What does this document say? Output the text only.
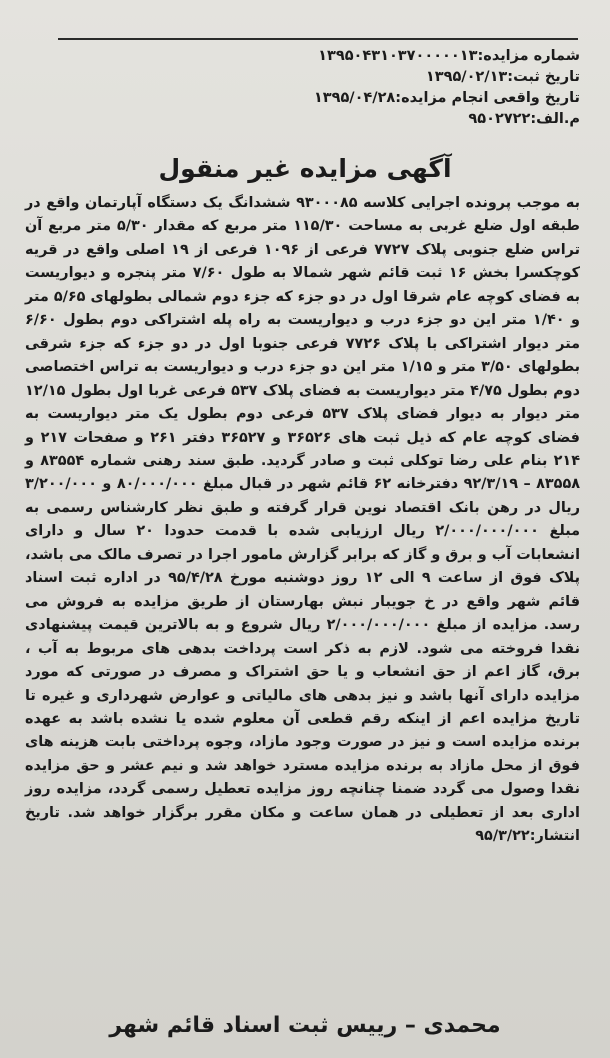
شماره مزایده:۱۳۹۵۰۴۳۱۰۳۷۰۰۰۰۰۱۳
تاریخ ثبت:۱۳۹۵/۰۲/۱۳
تاریخ واقعی انجام مزایده:۱۳۹۵/۰۴/۲۸
م.الف:۹۵۰۲۷۲۲
آگهی مزایده غیر منقول

به موجب پرونده اجرایی کلاسه ۹۳۰۰۰۸۵ ششدانگ یک دستگاه آپارتمان واقع در طبقه اول ضلع غربی به مساحت ۱۱۵/۳۰ متر مربع که مقدار ۵/۳۰ متر مربع آن تراس ضلع جنوبی پلاک ۷۷۲۷ فرعی از ۱۰۹۶ فرعی از ۱۹ اصلی واقع در قریه کوچکسرا بخش ۱۶ ثبت قائم شهر شمالا به طول ۷/۶۰ متر پنجره و دیواریست به فضای کوچه عام شرقا اول در دو جزء که جزء دوم شمالی بطولهای ۵/۶۵ متر و ۱/۴۰ متر این دو جزء درب و دیواریست به راه پله اشتراکی دوم بطول ۶/۶۰ متر دیوار اشتراکی با پلاک ۷۷۲۶ فرعی جنوبا اول در دو جزء که جزء شرقی بطولهای ۳/۵۰ متر و ۱/۱۵ متر این دو جزء درب و دیواریست به تراس اختصاصی دوم بطول ۴/۷۵ متر دیواریست به فضای پلاک ۵۳۷ فرعی غربا اول بطول ۱۲/۱۵ متر دیوار به دیوار فضای پلاک ۵۳۷ فرعی دوم بطول یک متر دیواریست به فضای کوچه عام که ذیل ثبت های ۳۶۵۲۶ و ۳۶۵۲۷ دفتر ۲۶۱ و صفحات ۲۱۷ و ۲۱۴ بنام علی رضا توکلی ثبت و صادر گردید. طبق سند رهنی شماره ۸۳۵۵۴ و ۸۳۵۵۸ – ۹۲/۳/۱۹ دفترخانه ۶۲ قائم شهر در قبال مبلغ ۸۰/۰۰۰/۰۰۰ و ۳/۲۰۰/۰۰۰ ریال در رهن بانک اقتصاد نوین قرار گرفته و طبق نظر کارشناس رسمی به مبلغ ۲/۰۰۰/۰۰۰/۰۰۰ ریال ارزیابی شده با قدمت حدودا ۲۰ سال و دارای انشعابات آب و برق و گاز که برابر گزارش مامور اجرا در تصرف مالک می باشد، پلاک فوق از ساعت ۹ الی ۱۲ روز دوشنبه مورخ ۹۵/۴/۲۸ در اداره ثبت اسناد قائم شهر واقع در خ جویبار نبش بهارستان از طریق مزایده به فروش می رسد. مزایده از مبلغ ۲/۰۰۰/۰۰۰/۰۰۰ ریال شروع و به بالاترین قیمت پیشنهادی نقدا فروخته می شود. لازم به ذکر است پرداخت بدهی های مربوط به آب ، برق، گاز اعم از حق انشعاب و یا حق اشتراک و مصرف در صورتی که مورد مزایده دارای آنها باشد و نیز بدهی های مالیاتی و عوارض شهرداری و غیره تا تاریخ مزایده اعم از اینکه رقم قطعی آن معلوم شده یا نشده باشد به عهده برنده مزایده است و نیز در صورت وجود مازاد، وجوه پرداختی بابت هزینه های فوق از محل مازاد به برنده مزایده مسترد خواهد شد و نیم عشر و حق مزایده نقدا وصول می گردد ضمنا چنانچه روز مزایده تعطیل رسمی گردد، مزایده روز اداری بعد از تعطیلی در همان ساعت و مکان مقرر برگزار خواهد شد. تاریخ انتشار:۹۵/۳/۲۲

محمدی – رییس ثبت اسناد قائم شهر
